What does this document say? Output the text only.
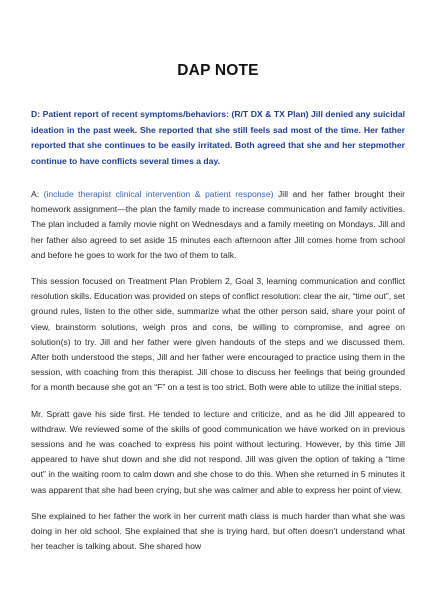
DAP NOTE
D: Patient report of recent symptoms/behaviors: (R/T DX & TX Plan) Jill denied any suicidal ideation in the past week. She reported that she still feels sad most of the time. Her father reported that she continues to be easily irritated. Both agreed that she and her stepmother continue to have conflicts several times a day.

A: (include therapist clinical intervention & patient response) Jill and her father brought their homework assignment—the plan the family made to increase communication and family activities. The plan included a family movie night on Wednesdays and a family meeting on Mondays. Jill and her father also agreed to set aside 15 minutes each afternoon after Jill comes home from school and before he goes to work for the two of them to talk.

This session focused on Treatment Plan Problem 2, Goal 3, learning communication and conflict resolution skills. Education was provided on steps of conflict resolution: clear the air, “time out”, set ground rules, listen to the other side, summarize what the other person said, share your point of view, brainstorm solutions, weigh pros and cons, be willing to compromise, and agree on solution(s) to try. Jill and her father were given handouts of the steps and we discussed them. After both understood the steps, Jill and her father were encouraged to practice using them in the session, with coaching from this therapist. Jill chose to discuss her feelings that being grounded for a month because she got an “F” on a test is too strict. Both were able to utilize the initial steps.

Mr. Spratt gave his side first. He tended to lecture and criticize, and as he did Jill appeared to withdraw. We reviewed some of the skills of good communication we have worked on in previous sessions and he was coached to express his point without lecturing. However, by this time Jill appeared to have shut down and she did not respond. Jill was given the option of taking a “time out” in the waiting room to calm down and she chose to do this. When she returned in 5 minutes it was apparent that she had been crying, but she was calmer and able to express her point of view.

She explained to her father the work in her current math class is much harder than what she was doing in her old school. She explained that she is trying hard, but often doesn’t understand what her teacher is talking about. She shared how
